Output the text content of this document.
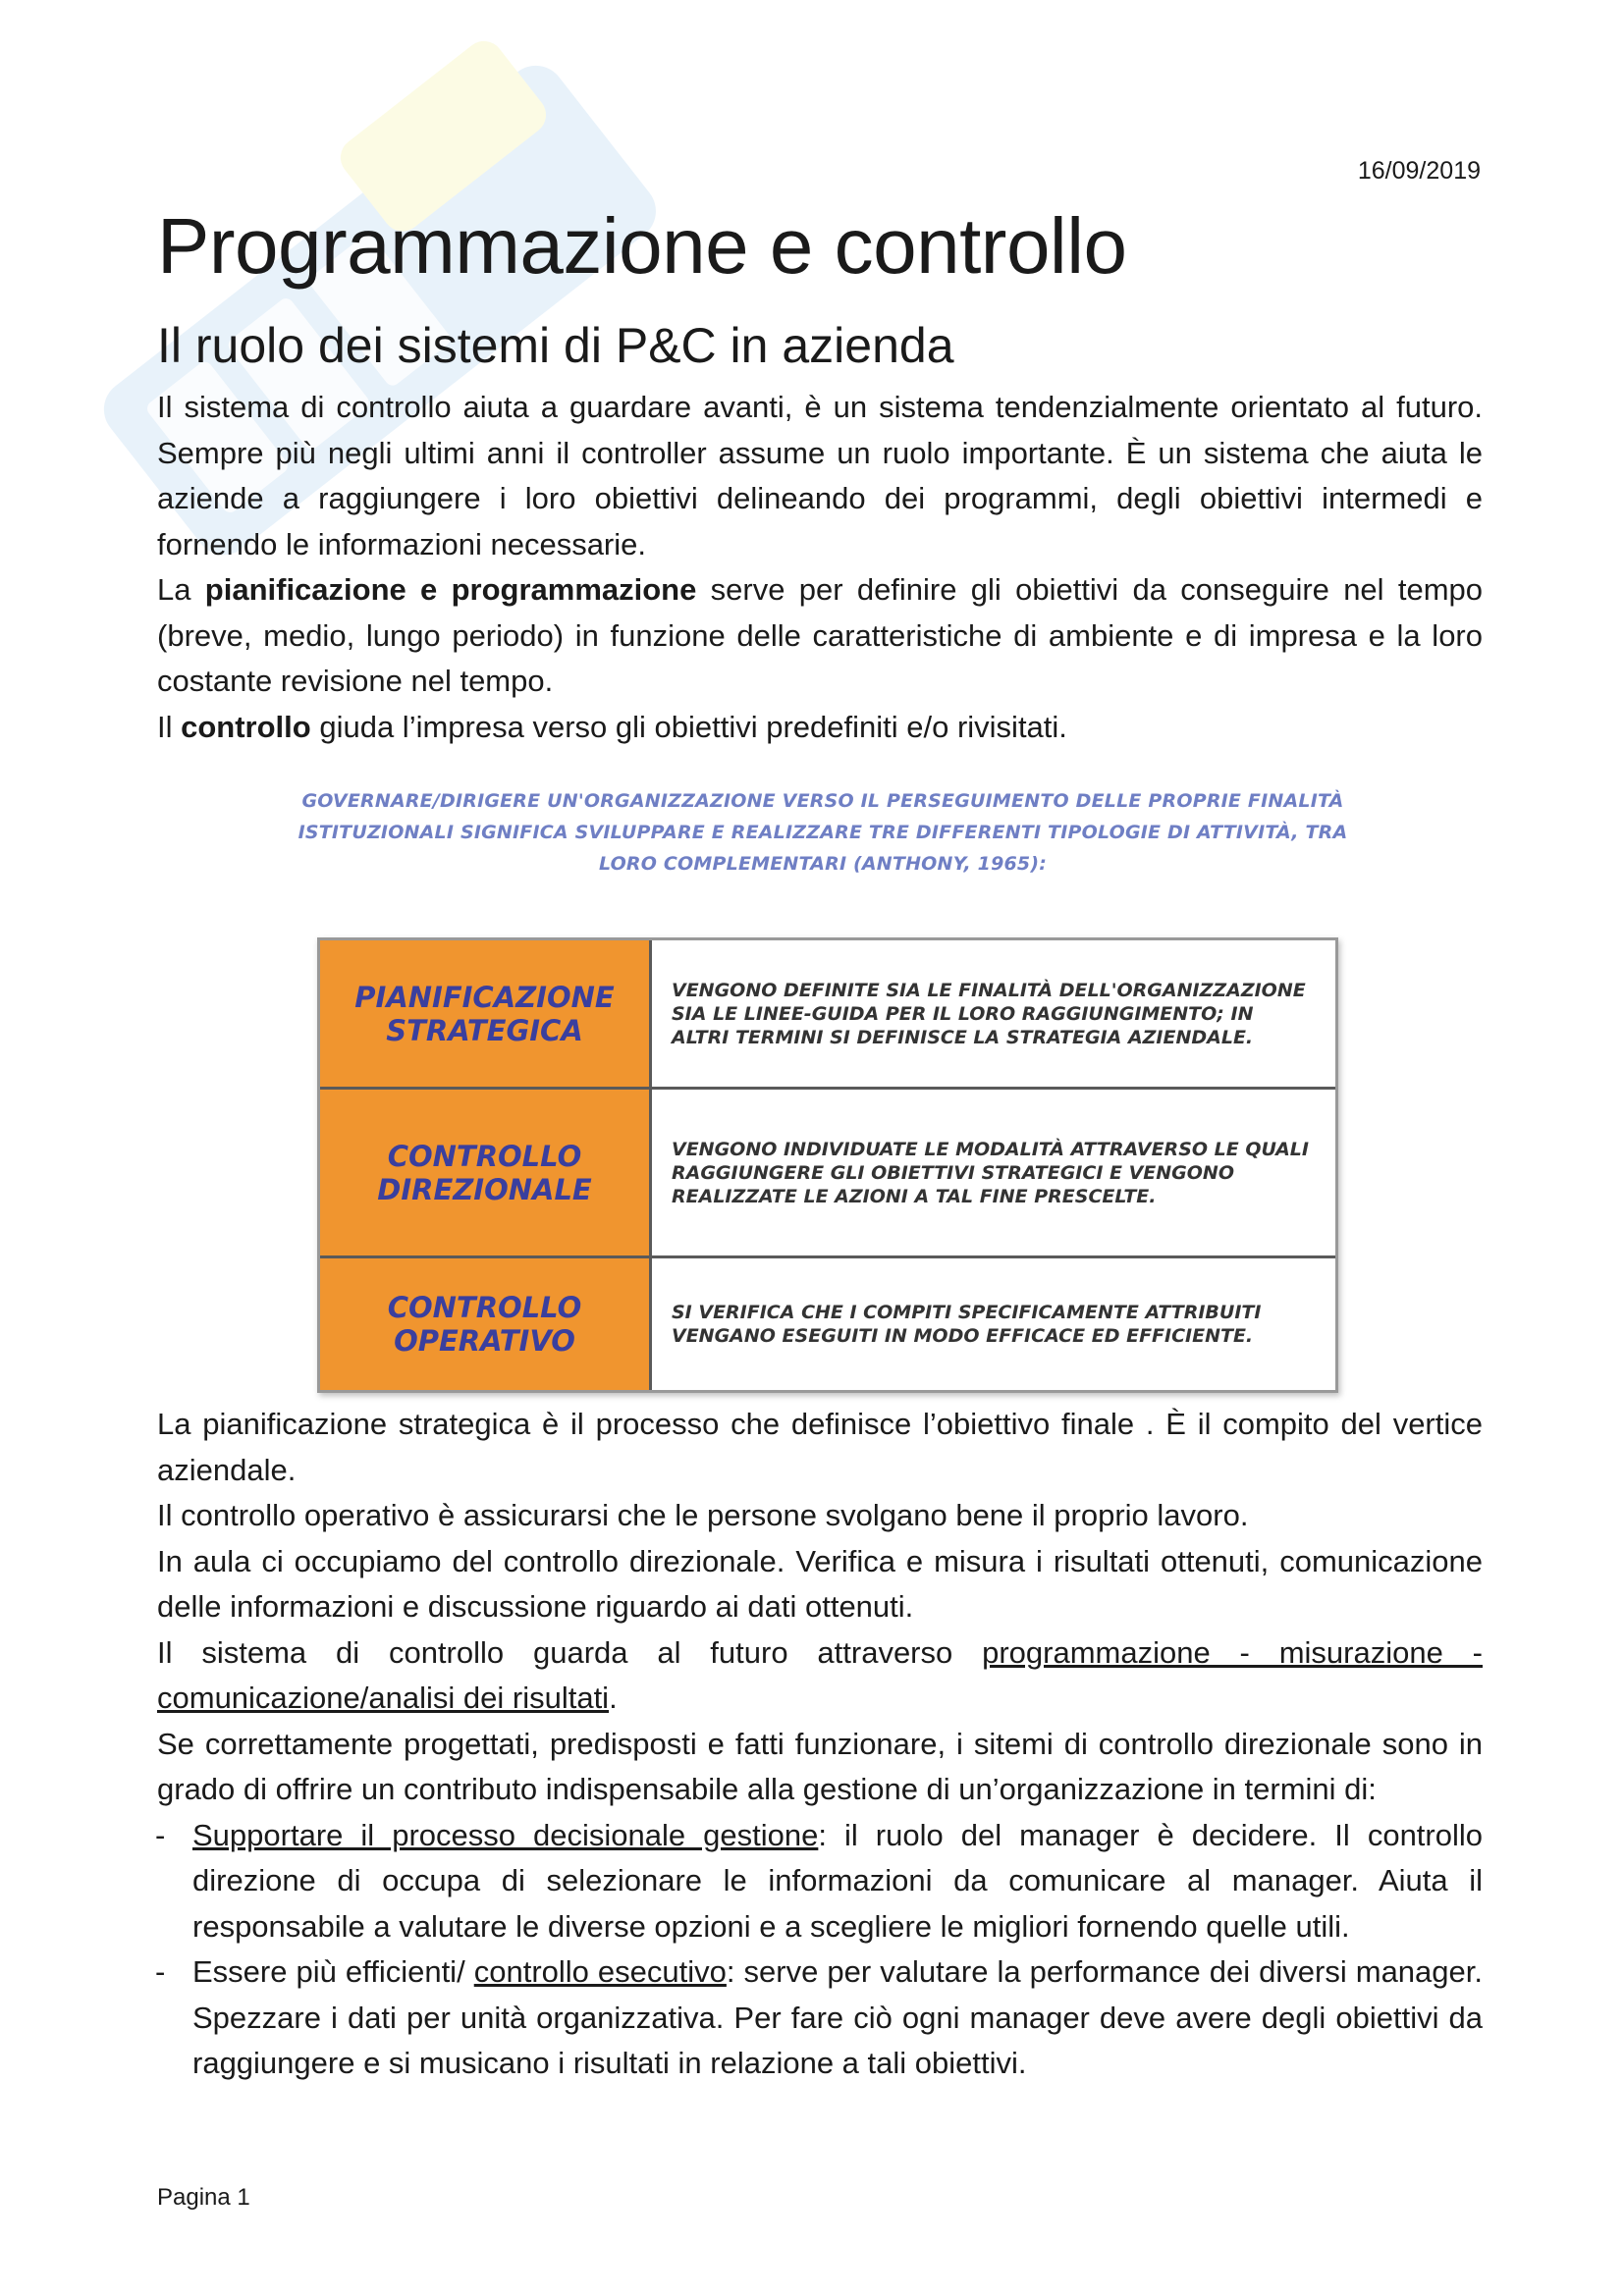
16/09/2019
Programmazione e controllo
Il ruolo dei sistemi di P&C in azienda

Il sistema di controllo aiuta a guardare avanti, è un sistema tendenzialmente orientato al futuro. Sempre più negli ultimi anni il controller assume un ruolo importante. È un sistema che aiuta le aziende a raggiungere i loro obiettivi delineando dei programmi, degli obiettivi intermedi e fornendo le informazioni necessarie.

La pianificazione e programmazione serve per definire gli obiettivi da conseguire nel tempo (breve, medio, lungo periodo) in funzione delle caratteristiche di ambiente e di impresa e la loro costante revisione nel tempo.

Il controllo giuda l’impresa verso gli obiettivi predefiniti e/o rivisitati.

GOVERNARE/DIRIGERE UN'ORGANIZZAZIONE VERSO IL PERSEGUIMENTO DELLE PROPRIE FINALITÀ ISTITUZIONALI SIGNIFICA SVILUPPARE E REALIZZARE TRE DIFFERENTI TIPOLOGIE DI ATTIVITÀ, TRA LORO COMPLEMENTARI (ANTHONY, 1965):
PIANIFICAZIONE
STRATEGICA
VENGONO DEFINITE SIA LE FINALITÀ DELL'ORGANIZZAZIONE SIA LE LINEE-GUIDA PER IL LORO RAGGIUNGIMENTO; IN ALTRI TERMINI SI DEFINISCE LA STRATEGIA AZIENDALE.
CONTROLLO
DIREZIONALE
VENGONO INDIVIDUATE LE MODALITÀ ATTRAVERSO LE QUALI RAGGIUNGERE GLI OBIETTIVI STRATEGICI E VENGONO REALIZZATE LE AZIONI A TAL FINE PRESCELTE.
CONTROLLO
OPERATIVO
SI VERIFICA CHE I COMPITI SPECIFICAMENTE ATTRIBUITI VENGANO ESEGUITI IN MODO EFFICACE ED EFFICIENTE.

La pianificazione strategica è il processo che definisce l’obiettivo finale . È il compito del vertice aziendale.

Il controllo operativo è assicurarsi che le persone svolgano bene il proprio lavoro.

In aula ci occupiamo del controllo direzionale. Verifica e misura i risultati ottenuti, comunicazione delle informazioni e discussione riguardo ai dati ottenuti.

Il sistema di controllo guarda al futuro attraverso programmazione - misurazione - comunicazione/analisi dei risultati.

Se correttamente progettati, predisposti e fatti funzionare, i sitemi di controllo direzionale sono in grado di offrire un contributo indispensabile alla gestione di un’organizzazione in termini di:

- Supportare il processo decisionale gestione: il ruolo del manager è decidere. Il controllo direzione di occupa di selezionare le informazioni da comunicare al manager. Aiuta il responsabile a valutare le diverse opzioni e a scegliere le migliori fornendo quelle utili.

- Essere più efficienti/ controllo esecutivo: serve per valutare la performance dei diversi manager. Spezzare i dati per unità organizzativa. Per fare ciò ogni manager deve avere degli obiettivi da raggiungere e si musicano i risultati in relazione a tali obiettivi.

Pagina 1
